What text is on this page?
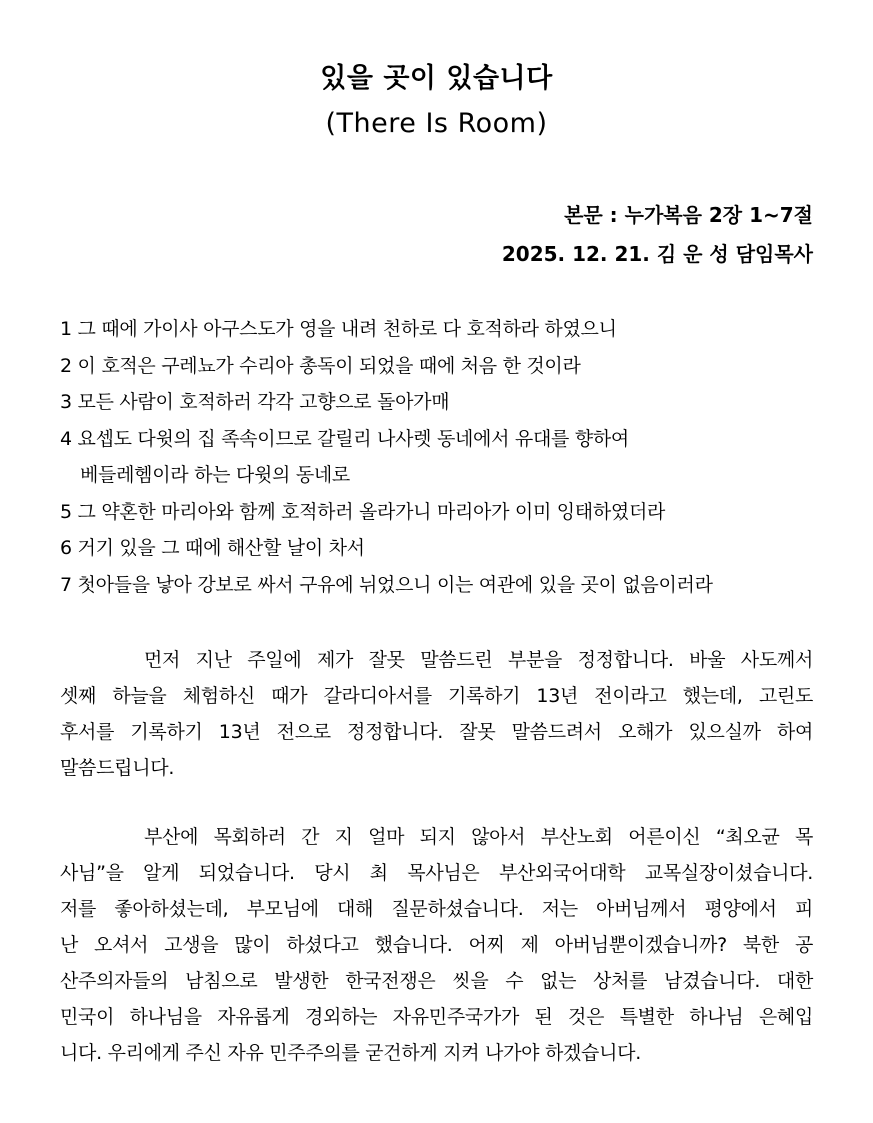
있을 곳이 있습니다
(There Is Room)
본문 : 누가복음 2장 1~7절
2025. 12. 21. 김 운 성 담임목사
1 그 때에 가이사 아구스도가 영을 내려 천하로 다 호적하라 하였으니
2 이 호적은 구레뇨가 수리아 총독이 되었을 때에 처음 한 것이라
3 모든 사람이 호적하러 각각 고향으로 돌아가매
4 요셉도 다윗의 집 족속이므로 갈릴리 나사렛 동네에서 유대를 향하여
베들레헴이라 하는 다윗의 동네로
5 그 약혼한 마리아와 함께 호적하러 올라가니 마리아가 이미 잉태하였더라
6 거기 있을 그 때에 해산할 날이 차서
7 첫아들을 낳아 강보로 싸서 구유에 뉘었으니 이는 여관에 있을 곳이 없음이러라
먼저 지난 주일에 제가 잘못 말씀드린 부분을 정정합니다. 바울 사도께서
셋째 하늘을 체험하신 때가 갈라디아서를 기록하기 13년 전이라고 했는데, 고린도
후서를 기록하기 13년 전으로 정정합니다. 잘못 말씀드려서 오해가 있으실까 하여
말씀드립니다.
부산에 목회하러 간 지 얼마 되지 않아서 부산노회 어른이신 “최오균 목
사님”을 알게 되었습니다. 당시 최 목사님은 부산외국어대학 교목실장이셨습니다.
저를 좋아하셨는데, 부모님에 대해 질문하셨습니다. 저는 아버님께서 평양에서 피
난 오셔서 고생을 많이 하셨다고 했습니다. 어찌 제 아버님뿐이겠습니까? 북한 공
산주의자들의 남침으로 발생한 한국전쟁은 씻을 수 없는 상처를 남겼습니다. 대한
민국이 하나님을 자유롭게 경외하는 자유민주국가가 된 것은 특별한 하나님 은혜입
니다. 우리에게 주신 자유 민주주의를 굳건하게 지켜 나가야 하겠습니다.
